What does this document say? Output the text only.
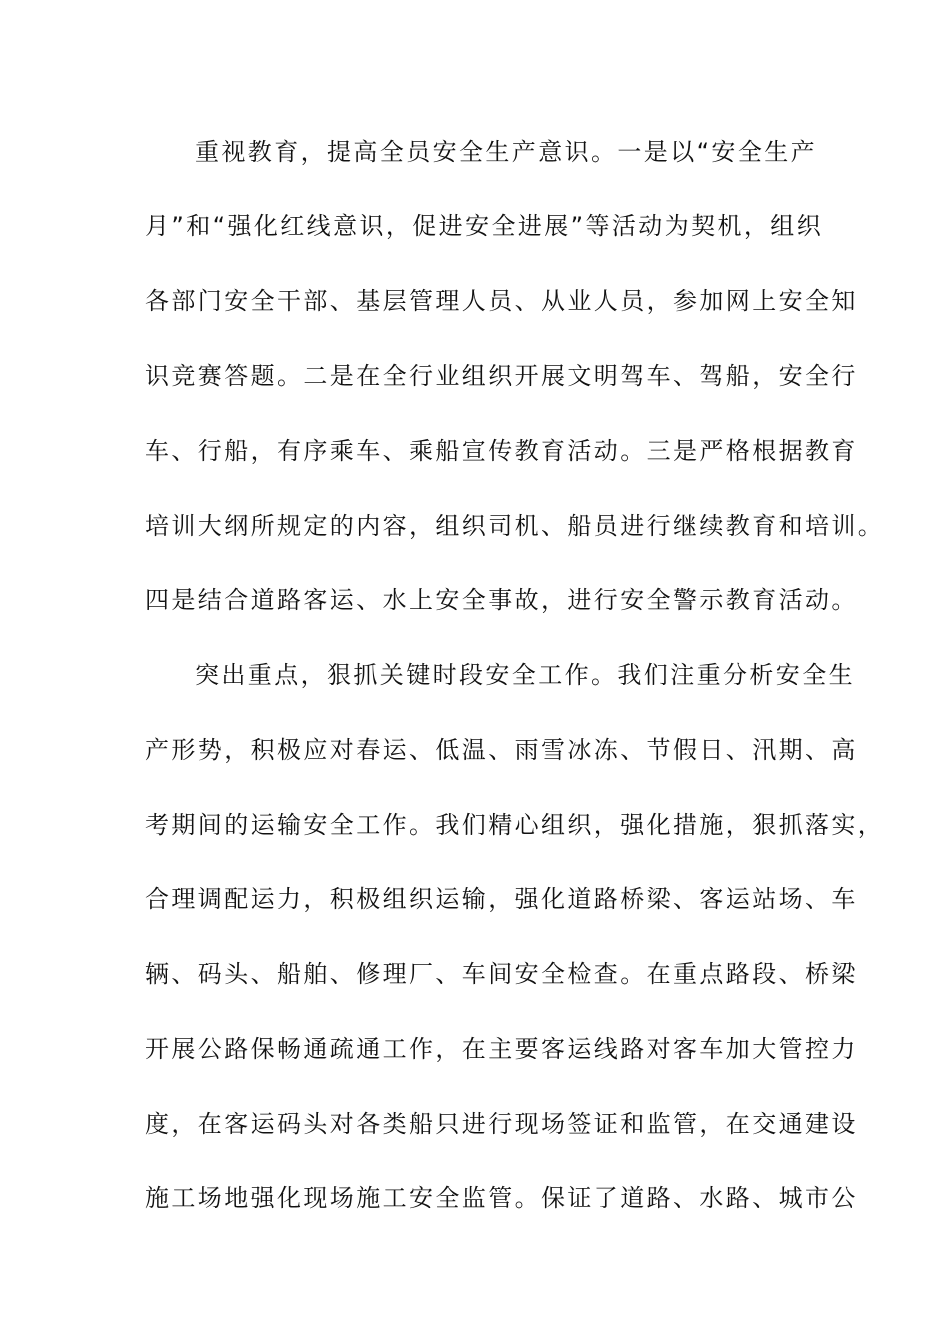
重视教育，提高全员安全生产意识。一是以“安全生产
月”和“强化红线意识，促进安全进展”等活动为契机，组织
各部门安全干部、基层管理人员、从业人员，参加网上安全知
识竞赛答题。二是在全行业组织开展文明驾车、驾船，安全行
车、行船，有序乘车、乘船宣传教育活动。三是严格根据教育
培训大纲所规定的内容，组织司机、船员进行继续教育和培训。
四是结合道路客运、水上安全事故，进行安全警示教育活动。
突出重点，狠抓关键时段安全工作。我们注重分析安全生
产形势，积极应对春运、低温、雨雪冰冻、节假日、汛期、高
考期间的运输安全工作。我们精心组织，强化措施，狠抓落实，
合理调配运力，积极组织运输，强化道路桥梁、客运站场、车
辆、码头、船舶、修理厂、车间安全检查。在重点路段、桥梁
开展公路保畅通疏通工作，在主要客运线路对客车加大管控力
度，在客运码头对各类船只进行现场签证和监管，在交通建设
施工场地强化现场施工安全监管。保证了道路、水路、城市公
